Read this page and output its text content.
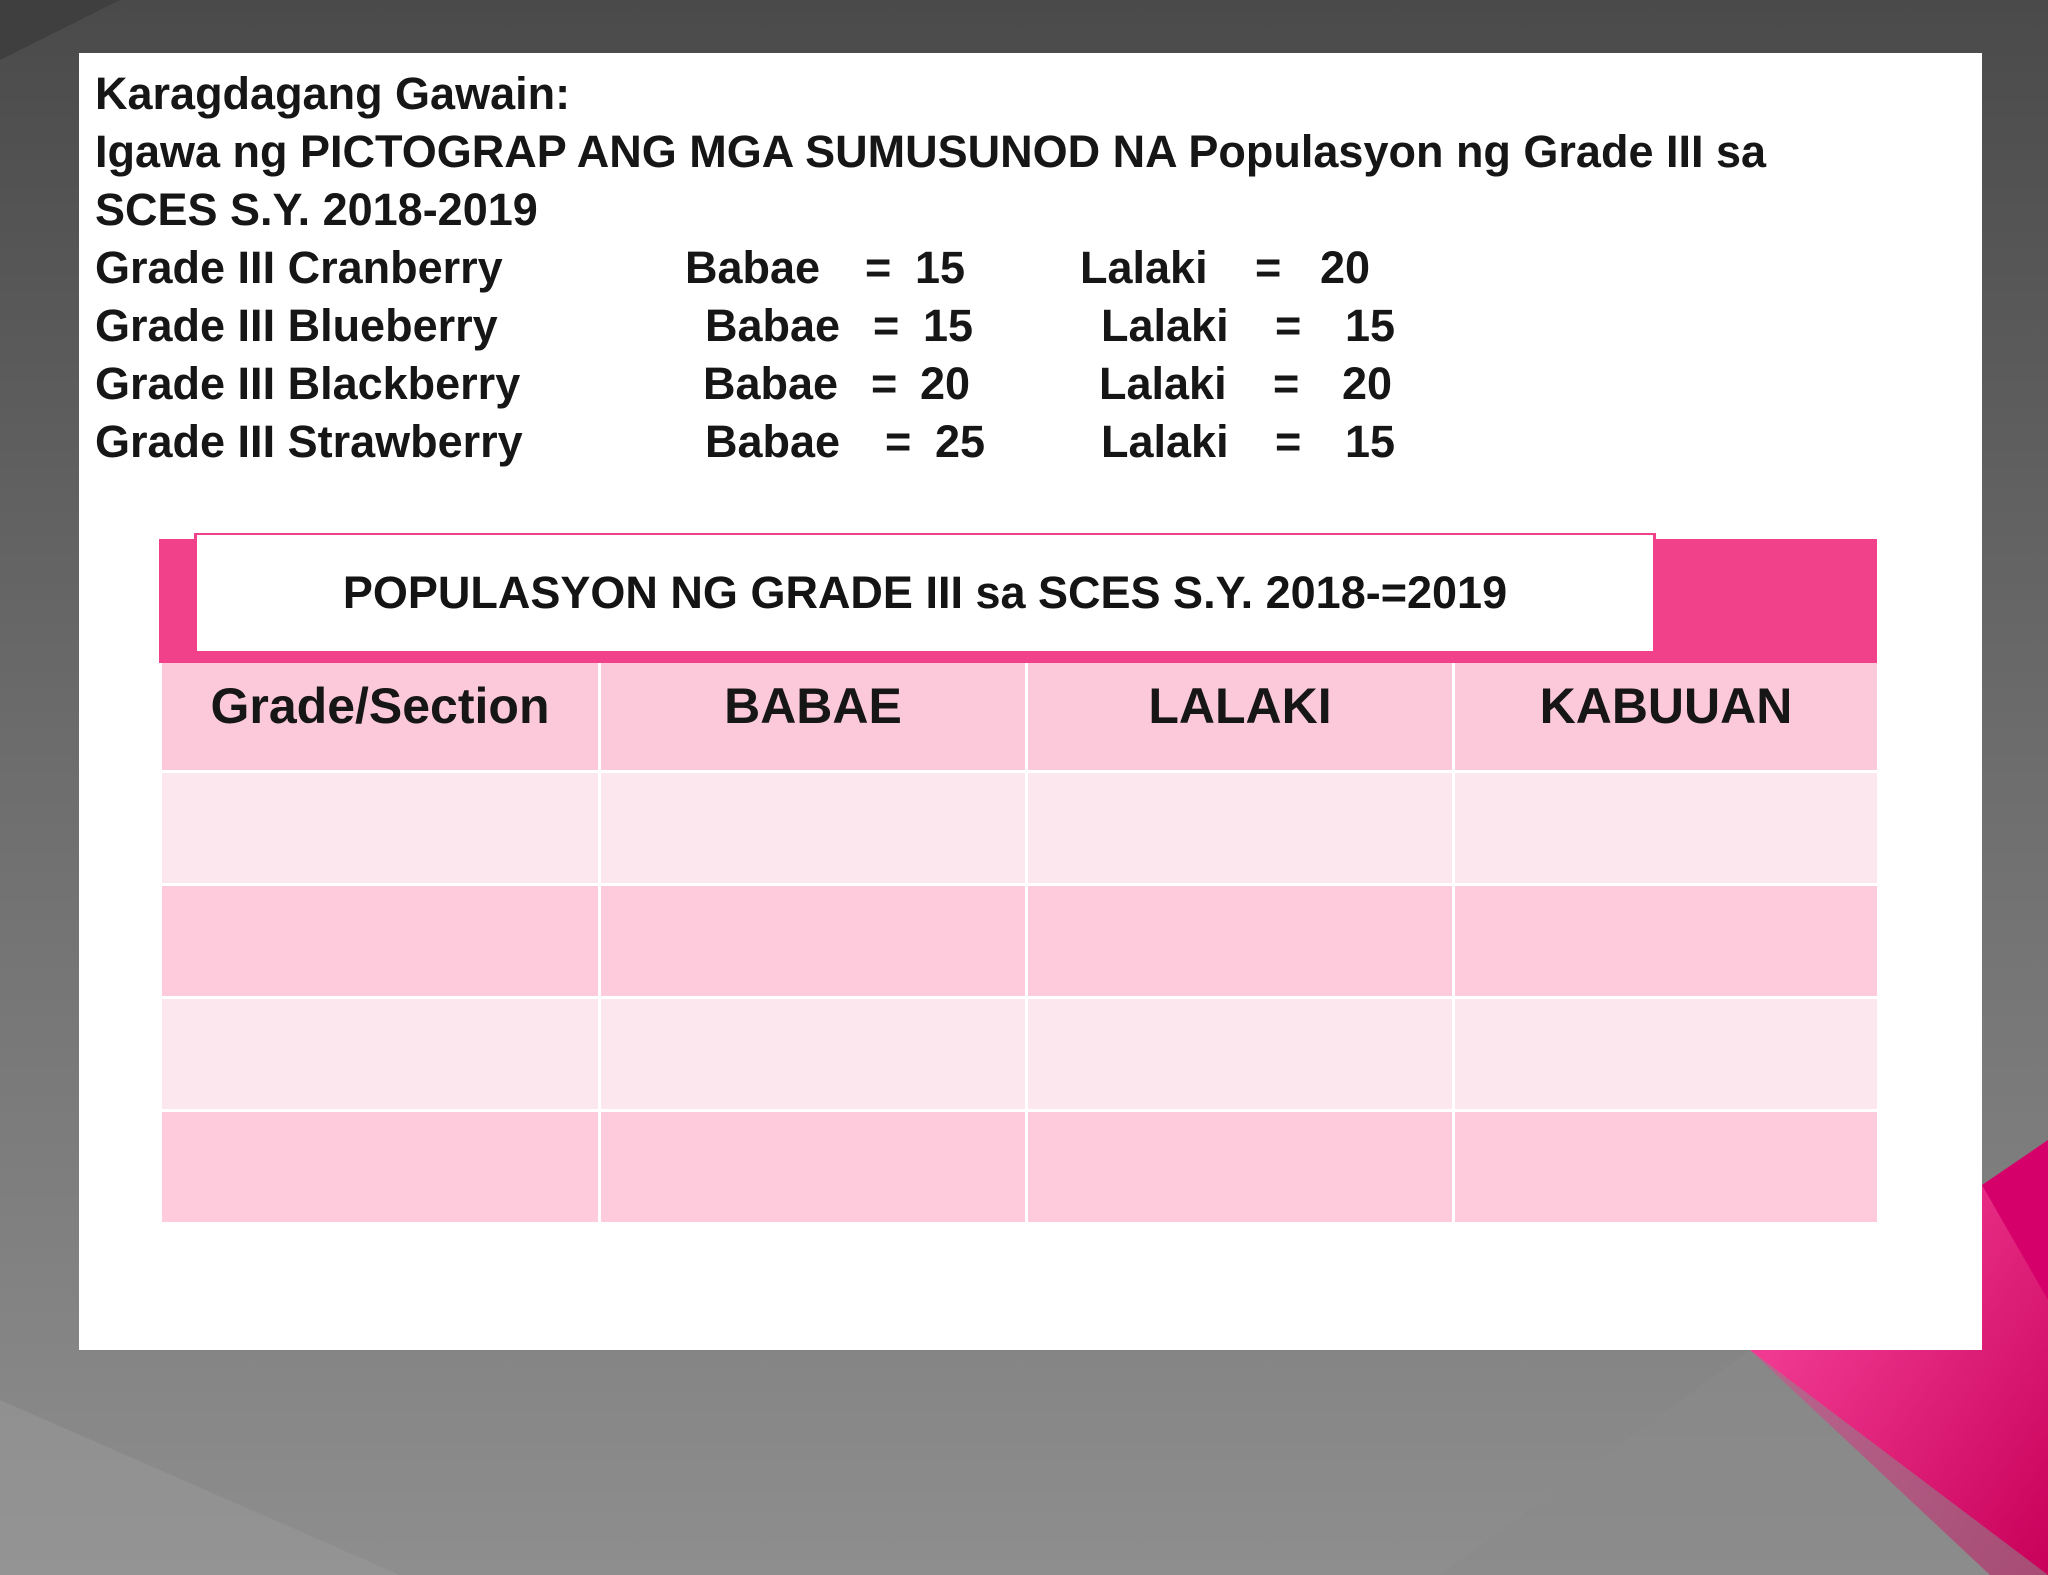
Karagdagang Gawain:
Igawa ng PICTOGRAP ANG MGA SUMUSUNOD NA Populasyon ng Grade III sa
SCES S.Y. 2018-2019
Grade III Cranberry	Babae = 15	Lalaki = 20
Grade III Blueberry	Babae = 15	Lalaki = 15
Grade III Blackberry	Babae = 20	Lalaki = 20
Grade III Strawberry	Babae = 25	Lalaki = 15
POPULASYON NG GRADE III sa SCES S.Y. 2018-=2019
Grade/Section	BABAE	LALAKI	KABUUAN
